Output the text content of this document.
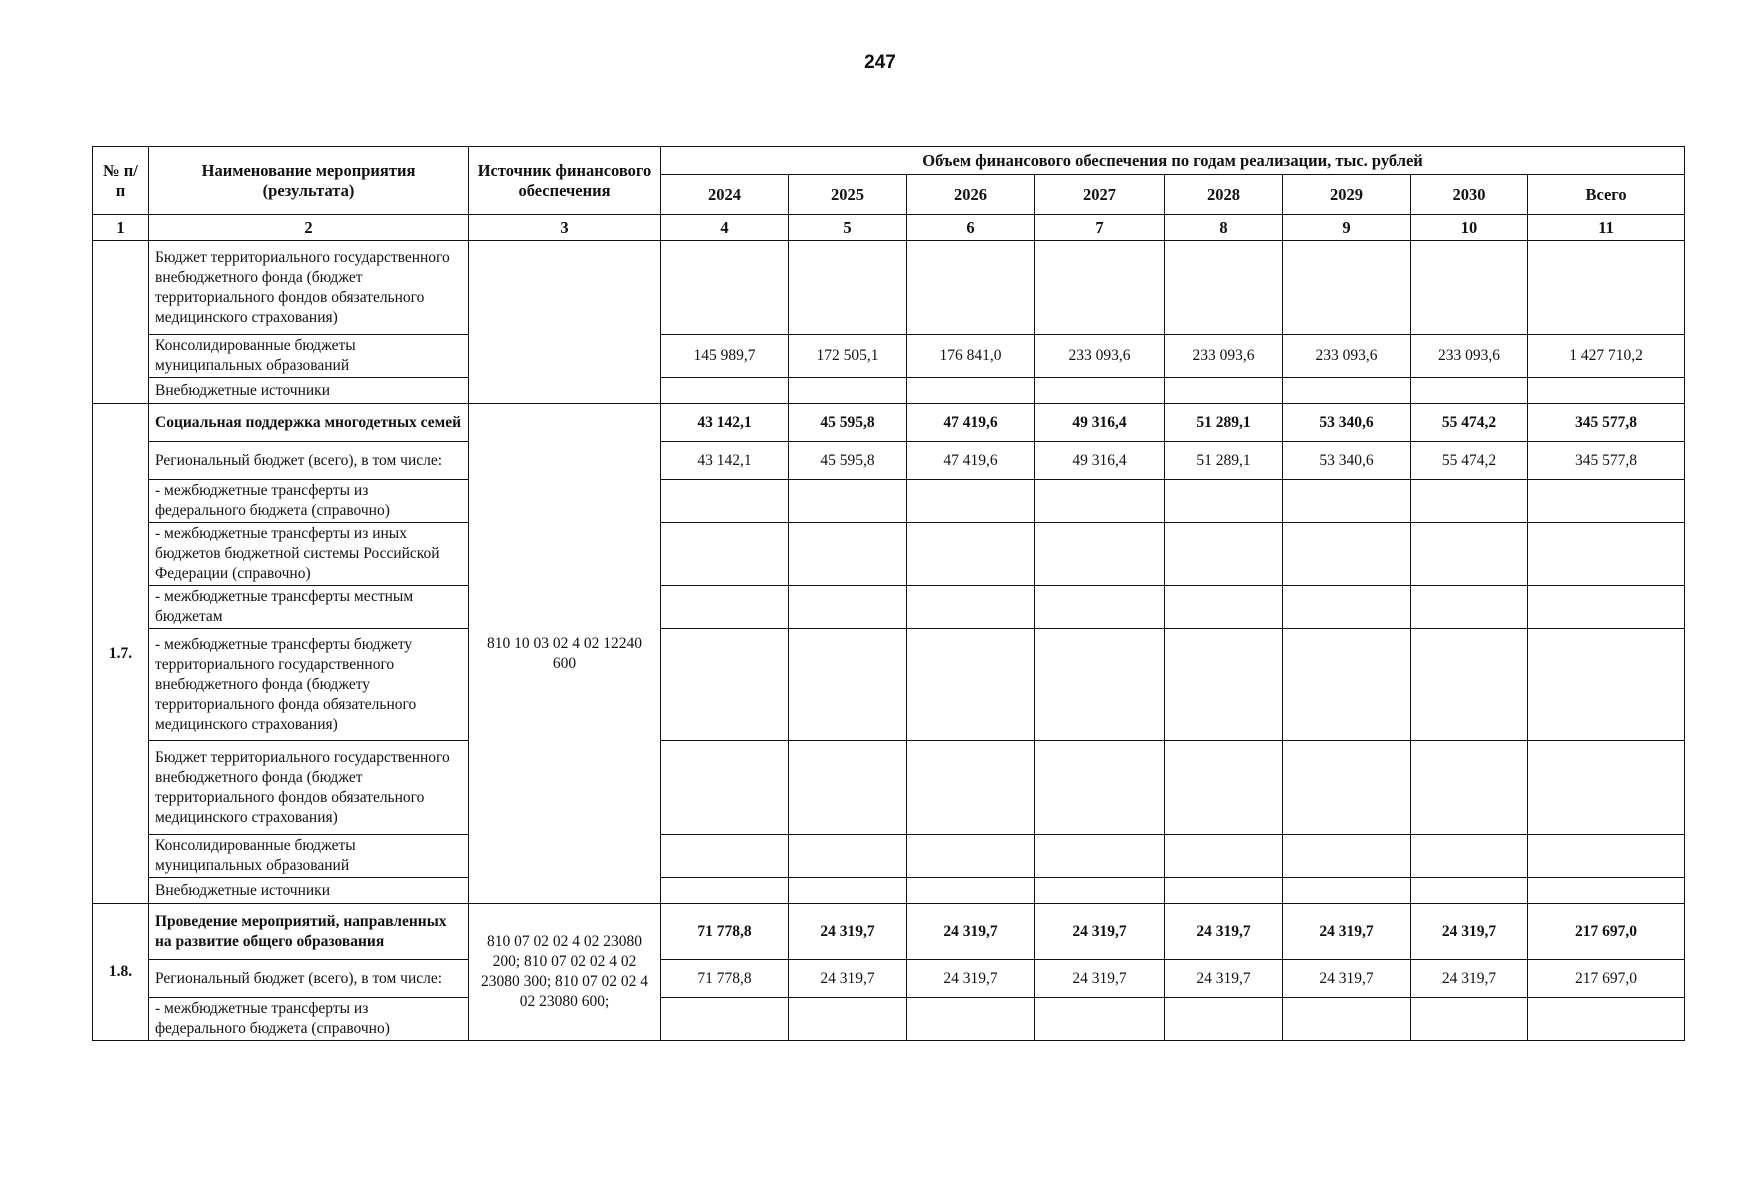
247
№ п/п	Наименование мероприятия (результата)	Источник финансового обеспечения	Объем финансового обеспечения по годам реализации, тыс. рублей							
			2024	2025	2026	2027	2028	2029	2030	Всего
1	2	3	4	5	6	7	8	9	10	11
	Бюджет территориального государственного внебюджетного фонда (бюджет территориального фондов обязательного медицинского страхования)									
	Консолидированные бюджеты муниципальных образований		145 989,7	172 505,1	176 841,0	233 093,6	233 093,6	233 093,6	233 093,6	1 427 710,2
	Внебюджетные источники									
1.7.	Социальная поддержка многодетных семей	810 10 03 02 4 02 12240 600	43 142,1	45 595,8	47 419,6	49 316,4	51 289,1	53 340,6	55 474,2	345 577,8
	Региональный бюджет (всего), в том числе:		43 142,1	45 595,8	47 419,6	49 316,4	51 289,1	53 340,6	55 474,2	345 577,8
	- межбюджетные трансферты из федерального бюджета (справочно)									
	- межбюджетные трансферты из иных бюджетов бюджетной системы Российской Федерации (справочно)									
	- межбюджетные трансферты местным бюджетам									
	- межбюджетные трансферты бюджету территориального государственного внебюджетного фонда (бюджету территориального фонда обязательного медицинского страхования)									
	Бюджет территориального государственного внебюджетного фонда (бюджет территориального фондов обязательного медицинского страхования)									
	Консолидированные бюджеты муниципальных образований									
	Внебюджетные источники									
1.8.	Проведение мероприятий, направленных на развитие общего образования	810 07 02 02 4 02 23080 200; 810 07 02 02 4 02 23080 300; 810 07 02 02 4 02 23080 600;	71 778,8	24 319,7	24 319,7	24 319,7	24 319,7	24 319,7	24 319,7	217 697,0
	Региональный бюджет (всего), в том числе:		71 778,8	24 319,7	24 319,7	24 319,7	24 319,7	24 319,7	24 319,7	217 697,0
	- межбюджетные трансферты из федерального бюджета (справочно)									
